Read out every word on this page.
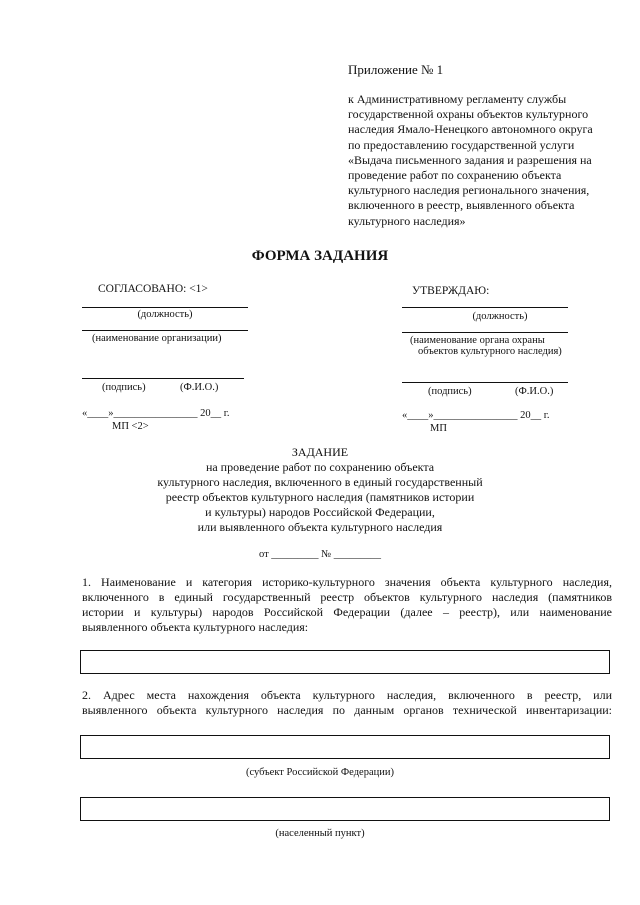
Приложение № 1
к Административному регламенту службы
государственной охраны объектов культурного
наследия Ямало-Ненецкого автономного округа
по предоставлению государственной услуги
«Выдача письменного задания и разрешения на
проведение работ по сохранению объекта
культурного наследия регионального значения,
включенного в реестр, выявленного объекта
культурного наследия»
ФОРМА ЗАДАНИЯ
СОГЛАСОВАНО: <1>
(должность)
(наименование организации)
(подпись)	(Ф.И.О.)
«____»________________ 20__ г.
МП <2>
УТВЕРЖДАЮ:
(должность)
(наименование органа охраны
объектов культурного наследия)
(подпись)	(Ф.И.О.)
«____»________________ 20__ г.
МП
ЗАДАНИЕ
на проведение работ по сохранению объекта
культурного наследия, включенного в единый государственный
реестр объектов культурного наследия (памятников истории
и культуры) народов Российской Федерации,
или выявленного объекта культурного наследия
от _________ № _________
1. Наименование и категория историко-культурного значения объекта культурного наследия,
включенного в единый государственный реестр объектов культурного наследия (памятников
истории и культуры) народов Российской Федерации (далее – реестр), или наименование
выявленного объекта культурного наследия:
2. Адрес места нахождения объекта культурного наследия, включенного в реестр, или
выявленного объекта культурного наследия по данным органов технической инвентаризации:
(субъект Российской Федерации)
(населенный пункт)
